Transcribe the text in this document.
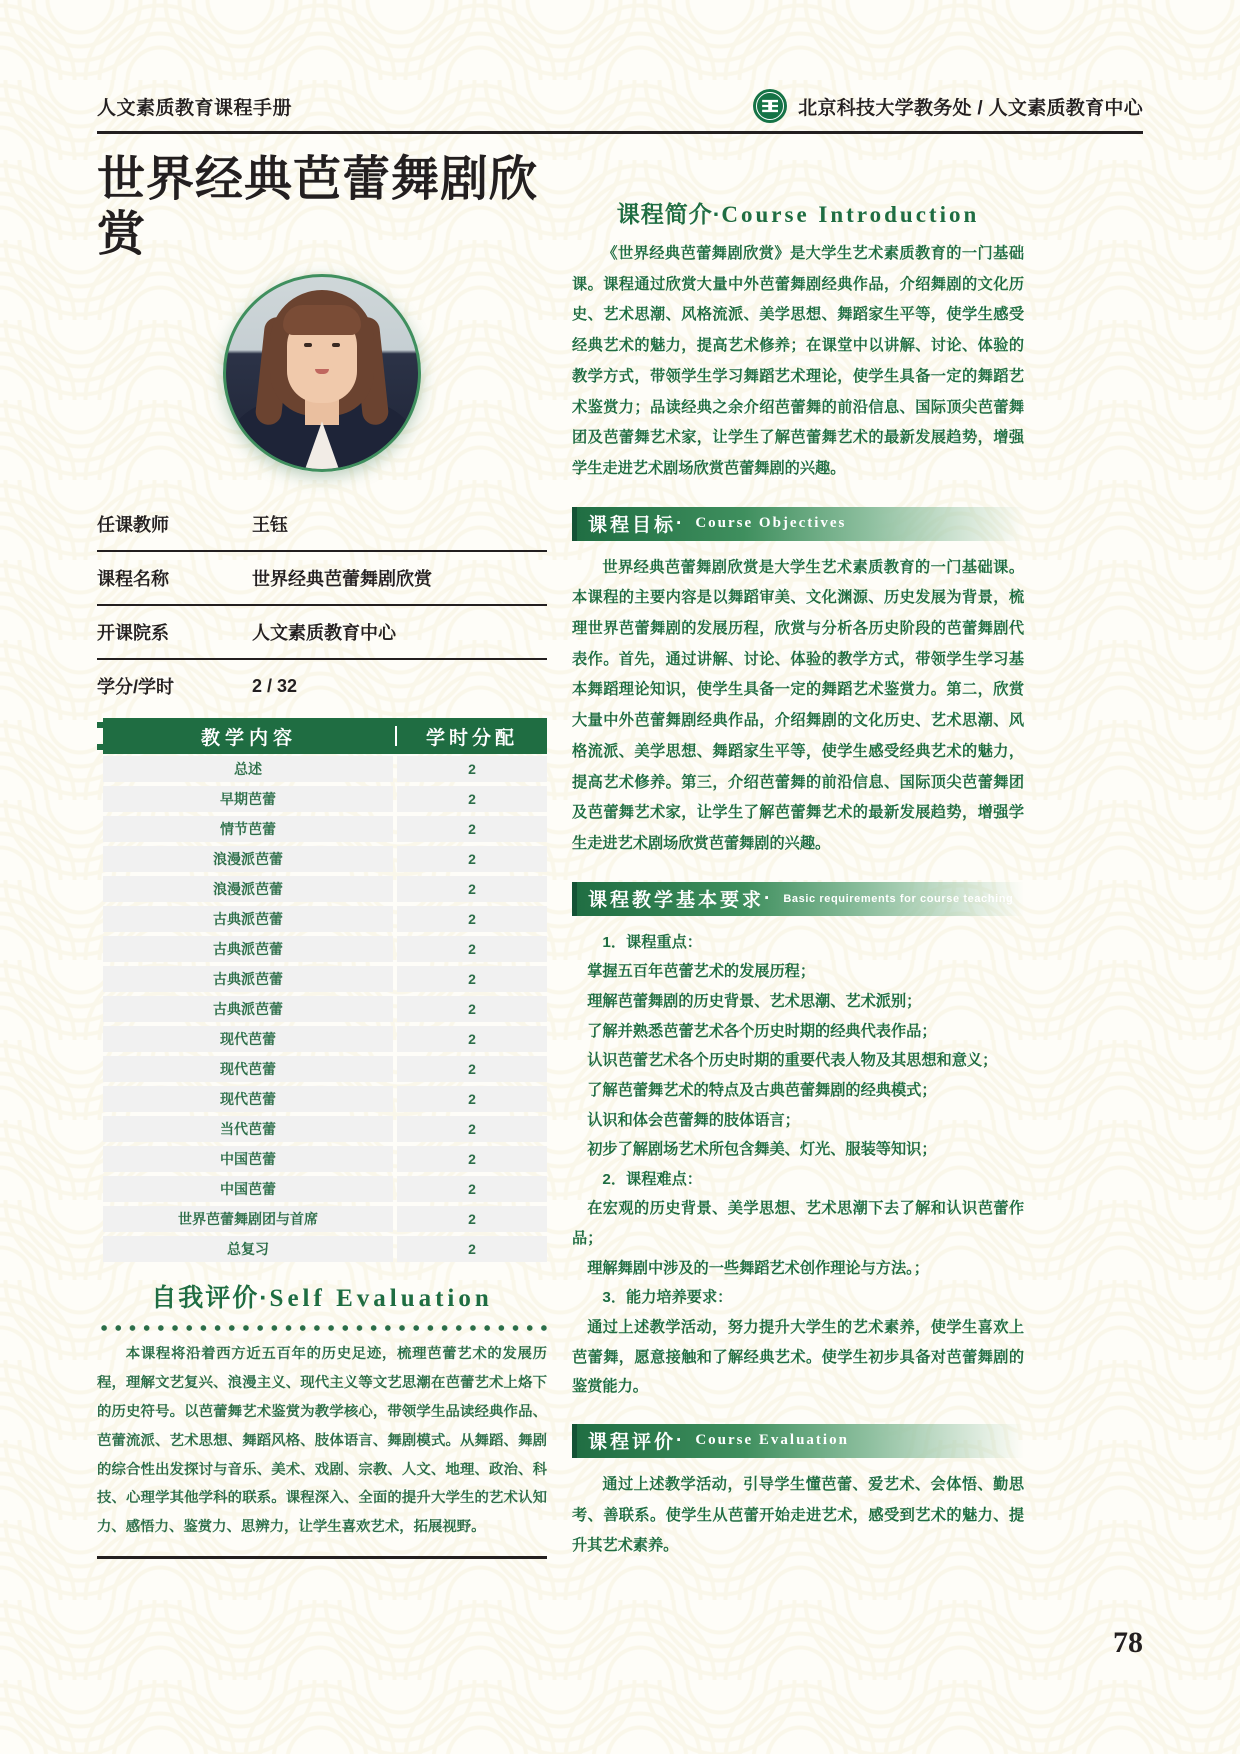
人文素质教育课程手册	北京科技大学教务处 / 人文素质教育中心
世界经典芭蕾舞剧欣赏
任课教师	王钰
课程名称	世界经典芭蕾舞剧欣赏
开课院系	人文素质教育中心
学分/学时	2 / 32
教学内容	学时分配
总述	2
早期芭蕾	2
情节芭蕾	2
浪漫派芭蕾	2
浪漫派芭蕾	2
古典派芭蕾	2
古典派芭蕾	2
古典派芭蕾	2
古典派芭蕾	2
现代芭蕾	2
现代芭蕾	2
现代芭蕾	2
当代芭蕾	2
中国芭蕾	2
中国芭蕾	2
世界芭蕾舞剧团与首席	2
总复习	2
自我评价·Self Evaluation
本课程将沿着西方近五百年的历史足迹，梳理芭蕾艺术的发展历程，理解文艺复兴、浪漫主义、现代主义等文艺思潮在芭蕾艺术上烙下的历史符号。以芭蕾舞艺术鉴赏为教学核心，带领学生品读经典作品、芭蕾流派、艺术思想、舞蹈风格、肢体语言、舞剧模式。从舞蹈、舞剧的综合性出发探讨与音乐、美术、戏剧、宗教、人文、地理、政治、科技、心理学其他学科的联系。课程深入、全面的提升大学生的艺术认知力、感悟力、鉴赏力、思辨力，让学生喜欢艺术，拓展视野。
课程简介·Course Introduction
《世界经典芭蕾舞剧欣赏》是大学生艺术素质教育的一门基础课。课程通过欣赏大量中外芭蕾舞剧经典作品，介绍舞剧的文化历史、艺术思潮、风格流派、美学思想、舞蹈家生平等，使学生感受经典艺术的魅力，提高艺术修养；在课堂中以讲解、讨论、体验的教学方式，带领学生学习舞蹈艺术理论，使学生具备一定的舞蹈艺术鉴赏力；品读经典之余介绍芭蕾舞的前沿信息、国际顶尖芭蕾舞团及芭蕾舞艺术家，让学生了解芭蕾舞艺术的最新发展趋势，增强学生走进艺术剧场欣赏芭蕾舞剧的兴趣。
课程目标 · Course Objectives
世界经典芭蕾舞剧欣赏是大学生艺术素质教育的一门基础课。本课程的主要内容是以舞蹈审美、文化渊源、历史发展为背景，梳理世界芭蕾舞剧的发展历程，欣赏与分析各历史阶段的芭蕾舞剧代表作。首先，通过讲解、讨论、体验的教学方式，带领学生学习基本舞蹈理论知识，使学生具备一定的舞蹈艺术鉴赏力。第二，欣赏大量中外芭蕾舞剧经典作品，介绍舞剧的文化历史、艺术思潮、风格流派、美学思想、舞蹈家生平等，使学生感受经典艺术的魅力，提高艺术修养。第三，介绍芭蕾舞的前沿信息、国际顶尖芭蕾舞团及芭蕾舞艺术家，让学生了解芭蕾舞艺术的最新发展趋势，增强学生走进艺术剧场欣赏芭蕾舞剧的兴趣。
课程教学基本要求 · Basic requirements for course teaching
1．课程重点：
掌握五百年芭蕾艺术的发展历程；
理解芭蕾舞剧的历史背景、艺术思潮、艺术派别；
了解并熟悉芭蕾艺术各个历史时期的经典代表作品；
认识芭蕾艺术各个历史时期的重要代表人物及其思想和意义；
了解芭蕾舞艺术的特点及古典芭蕾舞剧的经典模式；
认识和体会芭蕾舞的肢体语言；
初步了解剧场艺术所包含舞美、灯光、服装等知识；
2．课程难点：
在宏观的历史背景、美学思想、艺术思潮下去了解和认识芭蕾作品；
理解舞剧中涉及的一些舞蹈艺术创作理论与方法。；
3．能力培养要求：
通过上述教学活动，努力提升大学生的艺术素养，使学生喜欢上芭蕾舞，愿意接触和了解经典艺术。使学生初步具备对芭蕾舞剧的鉴赏能力。
课程评价 · Course Evaluation
通过上述教学活动，引导学生懂芭蕾、爱艺术、会体悟、勤思考、善联系。使学生从芭蕾开始走进艺术，感受到艺术的魅力、提升其艺术素养。
78
